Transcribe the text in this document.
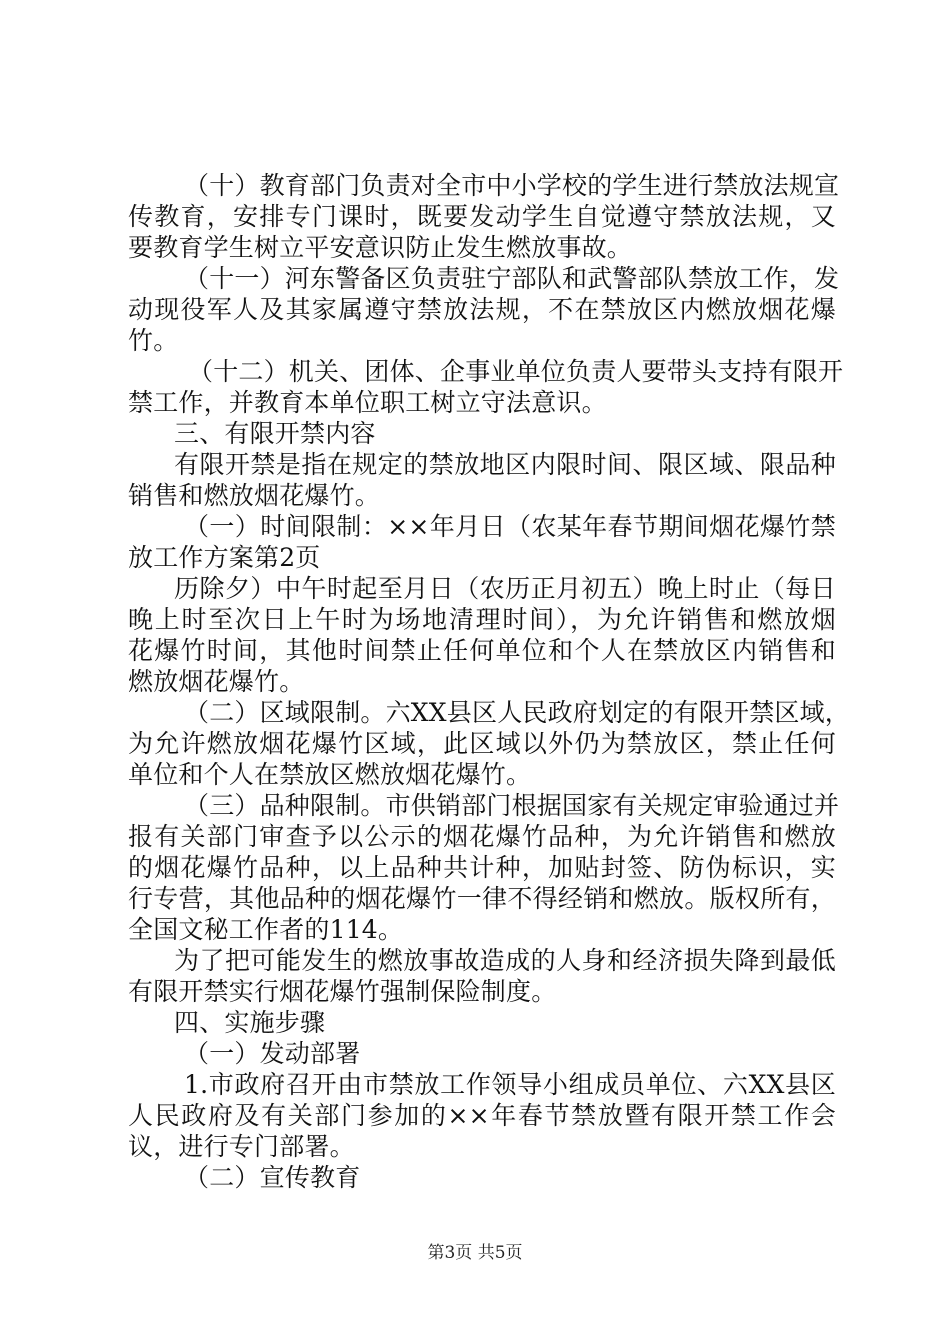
（十）教育部门负责对全市中小学校的学生进行禁放法规宣
传教育，安排专门课时，既要发动学生自觉遵守禁放法规，又
要教育学生树立平安意识防止发生燃放事故。
（十一）河东警备区负责驻宁部队和武警部队禁放工作，发
动现役军人及其家属遵守禁放法规，不在禁放区内燃放烟花爆
竹。
（十二）机关、团体、企事业单位负责人要带头支持有限开
禁工作，并教育本单位职工树立守法意识。
三、有限开禁内容
有限开禁是指在规定的禁放地区内限时间、限区域、限品种
销售和燃放烟花爆竹。
（一）时间限制：××年月日（农某年春节期间烟花爆竹禁
放工作方案第2页
历除夕）中午时起至月日（农历正月初五）晚上时止（每日
晚上时至次日上午时为场地清理时间），为允许销售和燃放烟
花爆竹时间，其他时间禁止任何单位和个人在禁放区内销售和
燃放烟花爆竹。
（二）区域限制。六XX县区人民政府划定的有限开禁区域，
为允许燃放烟花爆竹区域，此区域以外仍为禁放区，禁止任何
单位和个人在禁放区燃放烟花爆竹。
（三）品种限制。市供销部门根据国家有关规定审验通过并
报有关部门审查予以公示的烟花爆竹品种，为允许销售和燃放
的烟花爆竹品种，以上品种共计种，加贴封签、防伪标识，实
行专营，其他品种的烟花爆竹一律不得经销和燃放。版权所有，
全国文秘工作者的114。
为了把可能发生的燃放事故造成的人身和经济损失降到最低
有限开禁实行烟花爆竹强制保险制度。
四、实施步骤
（一）发动部署
1.市政府召开由市禁放工作领导小组成员单位、六XX县区
人民政府及有关部门参加的××年春节禁放暨有限开禁工作会
议，进行专门部署。
（二）宣传教育
第3页 共5页
